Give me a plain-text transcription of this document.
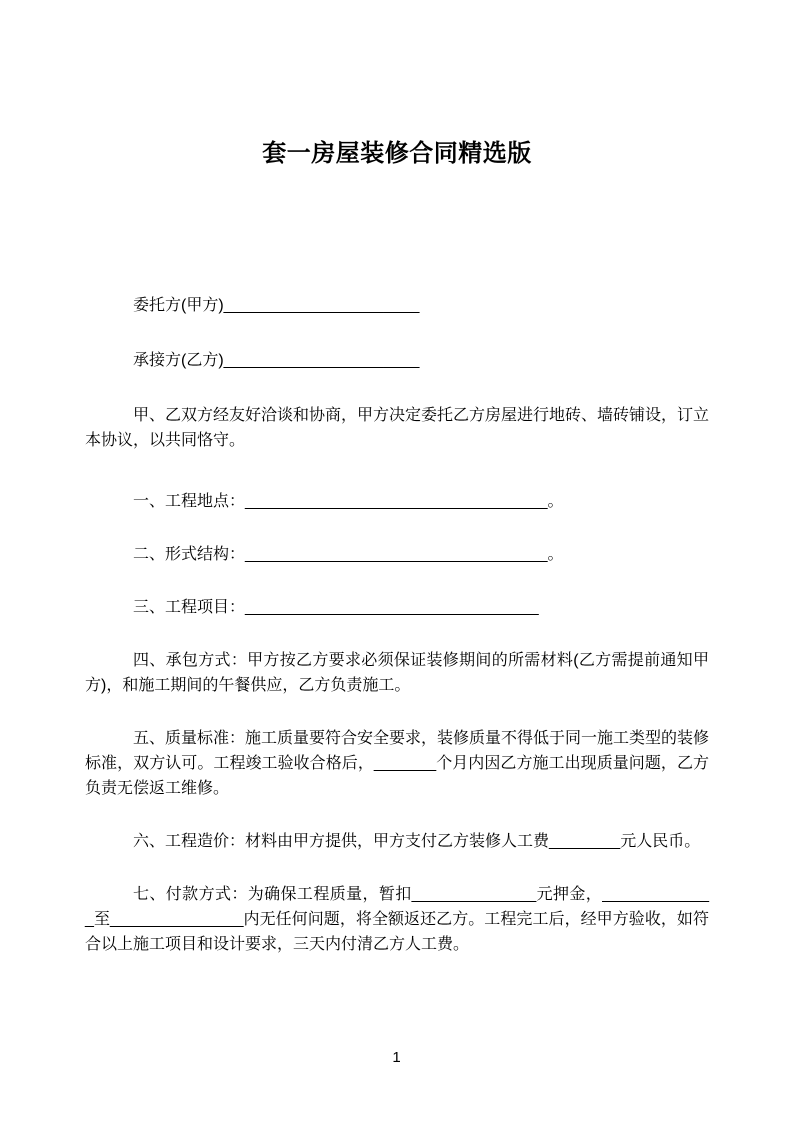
套一房屋装修合同精选版

委托方(甲方)______________________

承接方(乙方)______________________

甲、乙双方经友好洽谈和协商，甲方决定委托乙方房屋进行地砖、墙砖铺设，订立本协议，以共同恪守。

一、工程地点：__________________________________。

二、形式结构：__________________________________。

三、工程项目：_________________________________

四、承包方式：甲方按乙方要求必须保证装修期间的所需材料(乙方需提前通知甲方)，和施工期间的午餐供应，乙方负责施工。

五、质量标准：施工质量要符合安全要求，装修质量不得低于同一施工类型的装修标准，双方认可。工程竣工验收合格后，_______个月内因乙方施工出现质量问题，乙方负责无偿返工维修。

六、工程造价：材料由甲方提供，甲方支付乙方装修人工费________元人民币。

七、付款方式：为确保工程质量，暂扣______________元押金，_____________至_______________内无任何问题，将全额返还乙方。工程完工后，经甲方验收，如符合以上施工项目和设计要求，三天内付清乙方人工费。

1
